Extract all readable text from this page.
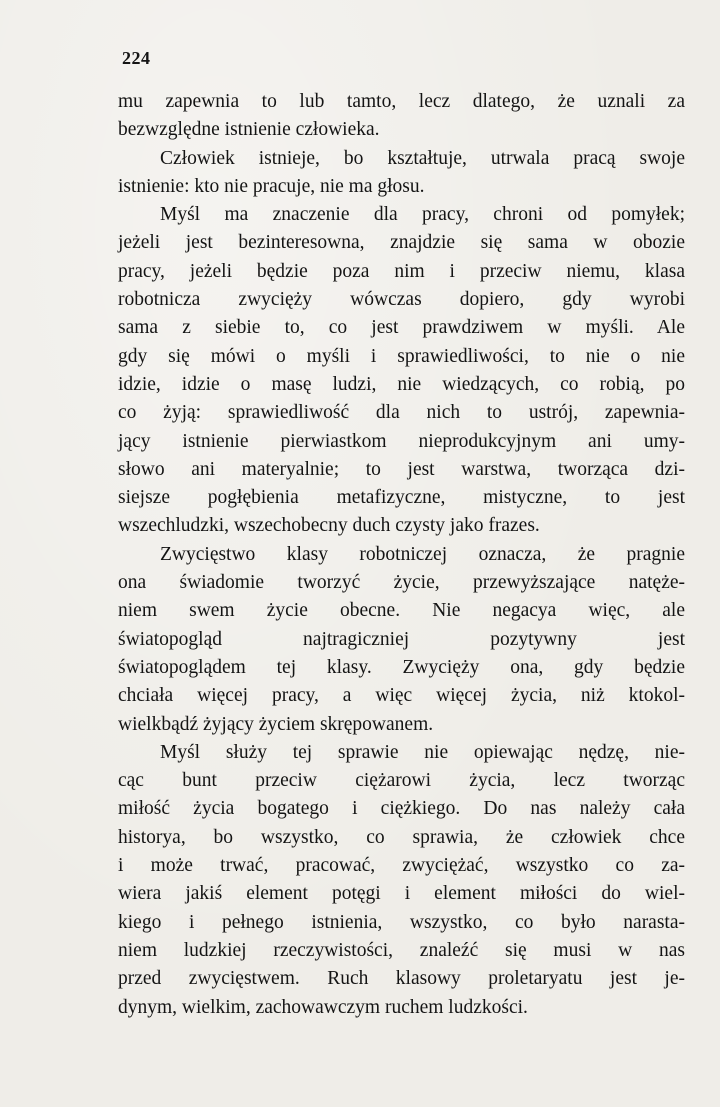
224
mu zapewnia to lub tamto, lecz dlatego, że uznali za
bezwzględne istnienie człowieka.
Człowiek istnieje, bo kształtuje, utrwala pracą swoje
istnienie: kto nie pracuje, nie ma głosu.
Myśl ma znaczenie dla pracy, chroni od pomyłek;
jeżeli jest bezinteresowna, znajdzie się sama w obozie
pracy, jeżeli będzie poza nim i przeciw niemu, klasa
robotnicza zwycięży wówczas dopiero, gdy wyrobi
sama z siebie to, co jest prawdziwem w myśli. Ale
gdy się mówi o myśli i sprawiedliwości, to nie o nie
idzie, idzie o masę ludzi, nie wiedzących, co robią, po
co żyją: sprawiedliwość dla nich to ustrój, zapewnia-
jący istnienie pierwiastkom nieprodukcyjnym ani umy-
słowo ani materyalnie; to jest warstwa, tworząca dzi-
siejsze pogłębienia metafizyczne, mistyczne, to jest
wszechludzki, wszechobecny duch czysty jako frazes.
Zwycięstwo klasy robotniczej oznacza, że pragnie
ona świadomie tworzyć życie, przewyższające natęże-
niem swem życie obecne. Nie negacya więc, ale
światopogląd najtragiczniej pozytywny jest
światopoglądem tej klasy. Zwycięży ona, gdy będzie
chciała więcej pracy, a więc więcej życia, niż ktokol-
wielkbądź żyjący życiem skrępowanem.
Myśl służy tej sprawie nie opiewając nędzę, nie-
cąc bunt przeciw ciężarowi życia, lecz tworząc
miłość życia bogatego i ciężkiego. Do nas należy cała
historya, bo wszystko, co sprawia, że człowiek chce
i może trwać, pracować, zwyciężać, wszystko co za-
wiera jakiś element potęgi i element miłości do wiel-
kiego i pełnego istnienia, wszystko, co było narasta-
niem ludzkiej rzeczywistości, znaleźć się musi w nas
przed zwycięstwem. Ruch klasowy proletaryatu jest je-
dynym, wielkim, zachowawczym ruchem ludzkości.
